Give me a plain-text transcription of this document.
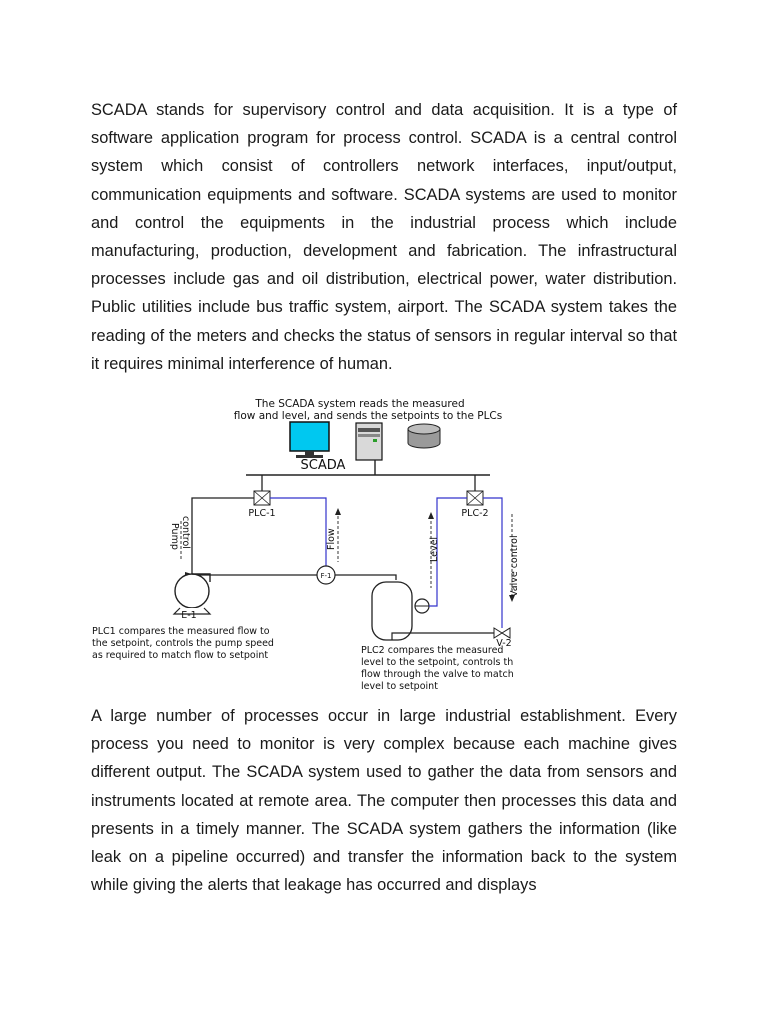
SCADA stands for supervisory control and data acquisition. It is a type of software application program for process control. SCADA is a central control system which consist of controllers network interfaces, input/output, communication equipments and software. SCADA systems are used to monitor and control the equipments in the industrial process which include manufacturing, production, development and fabrication. The infrastructural processes include gas and oil distribution, electrical power, water distribution. Public utilities include bus traffic system, airport. The SCADA system takes the reading of the meters and checks the status of sensors in regular interval so that it requires minimal interference of human.

The SCADA system reads the measured
flow and level, and sends the setpoints to the PLCs
SCADA
PLC-1	PLC-2
Pump control	Flow
F-1
E-1
Level	Valve control
V-2
PLC1 compares the measured flow to
the setpoint, controls the pump speed
as required to match flow to setpoint	PLC2 compares the measured
level to the setpoint, controls th
flow through the valve to match
level to setpoint

A large number of processes occur in large industrial establishment. Every process you need to monitor is very complex because each machine gives different output. The SCADA system used to gather the data from sensors and instruments located at remote area. The computer then processes this data and presents in a timely manner. The SCADA system gathers the information (like leak on a pipeline occurred) and transfer the information back to the system while giving the alerts that leakage has occurred and displays
